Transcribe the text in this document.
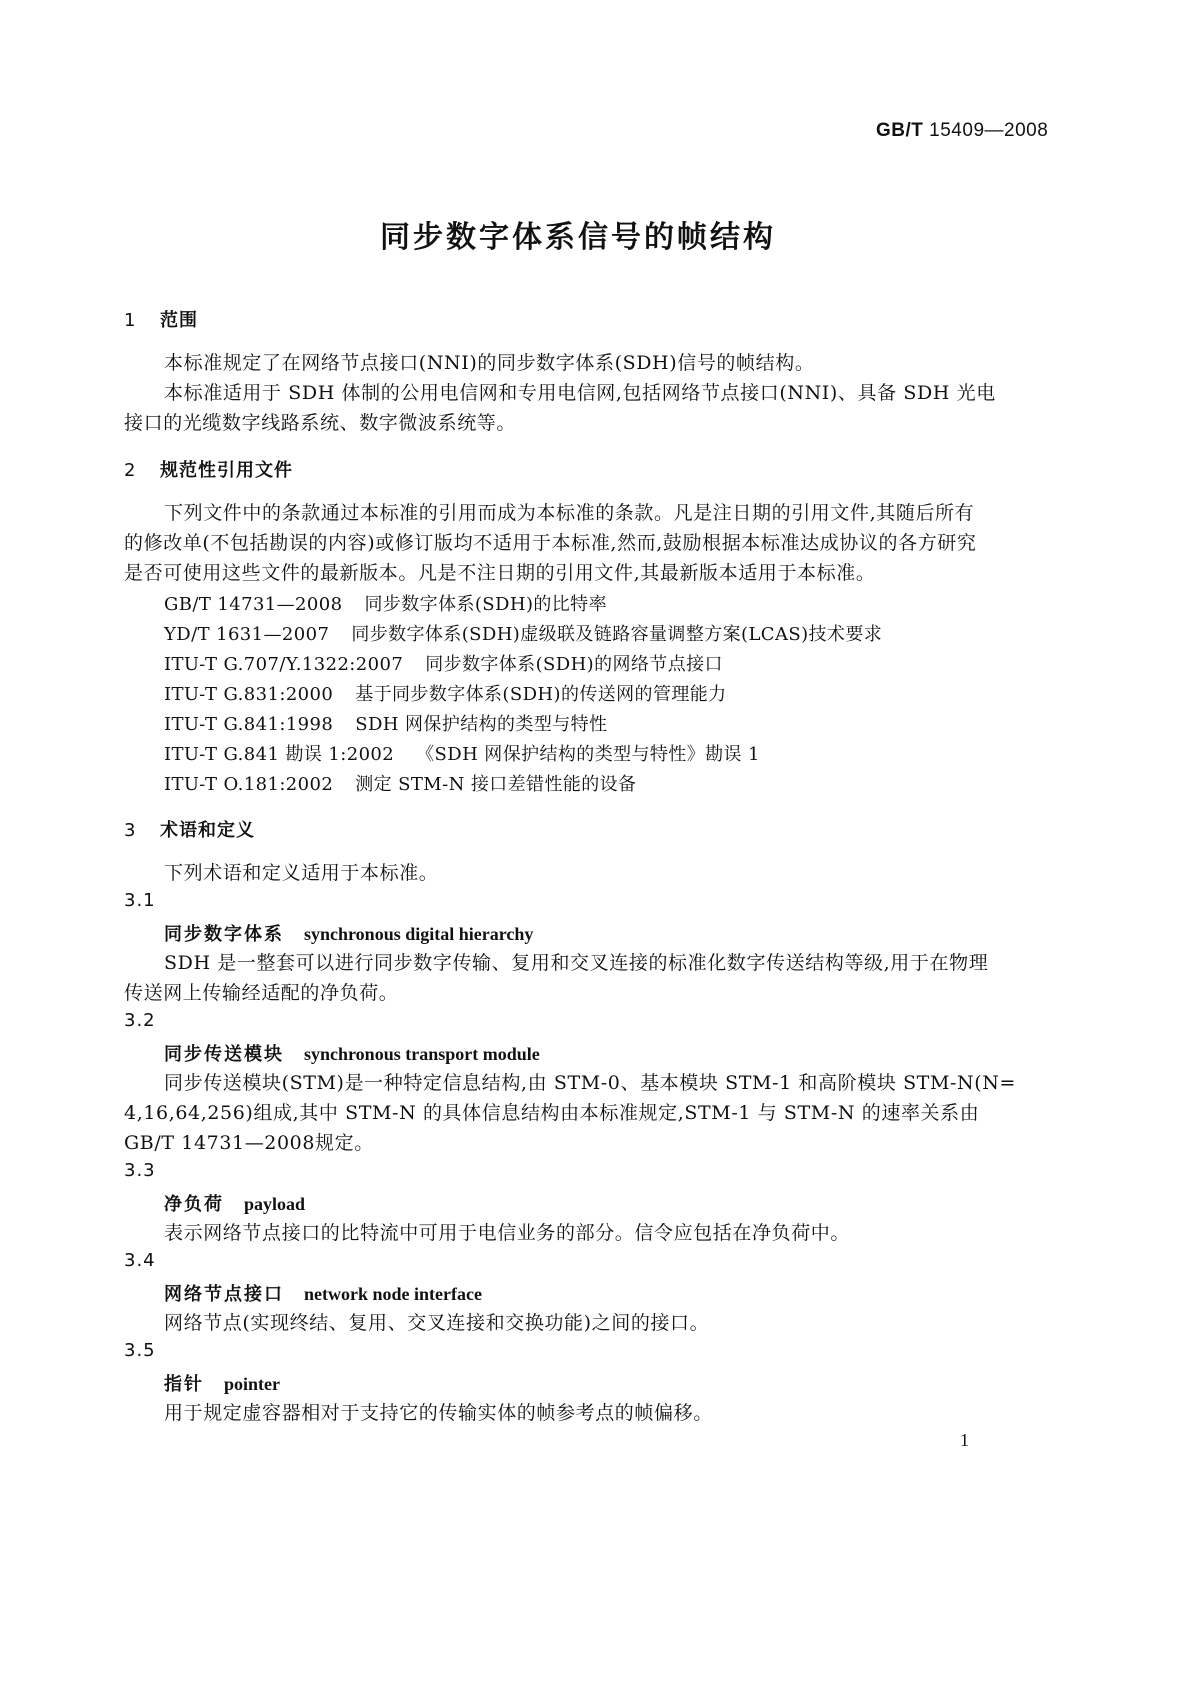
GB/T 15409—2008
同步数字体系信号的帧结构
1 范围
本标准规定了在网络节点接口(NNI)的同步数字体系(SDH)信号的帧结构。
本标准适用于 SDH 体制的公用电信网和专用电信网,包括网络节点接口(NNI)、具备 SDH 光电
接口的光缆数字线路系统、数字微波系统等。
2 规范性引用文件
下列文件中的条款通过本标准的引用而成为本标准的条款。凡是注日期的引用文件,其随后所有
的修改单(不包括勘误的内容)或修订版均不适用于本标准,然而,鼓励根据本标准达成协议的各方研究
是否可使用这些文件的最新版本。凡是不注日期的引用文件,其最新版本适用于本标准。
GB/T 14731—2008 同步数字体系(SDH)的比特率
YD/T 1631—2007 同步数字体系(SDH)虚级联及链路容量调整方案(LCAS)技术要求
ITU-T G.707/Y.1322:2007 同步数字体系(SDH)的网络节点接口
ITU-T G.831:2000 基于同步数字体系(SDH)的传送网的管理能力
ITU-T G.841:1998 SDH 网保护结构的类型与特性
ITU-T G.841 勘误 1:2002 《SDH 网保护结构的类型与特性》勘误 1
ITU-T O.181:2002 测定 STM-N 接口差错性能的设备
3 术语和定义
下列术语和定义适用于本标准。
3.1
同步数字体系 synchronous digital hierarchy
SDH 是一整套可以进行同步数字传输、复用和交叉连接的标准化数字传送结构等级,用于在物理
传送网上传输经适配的净负荷。
3.2
同步传送模块 synchronous transport module
同步传送模块(STM)是一种特定信息结构,由 STM-0、基本模块 STM-1 和高阶模块 STM-N(N=
4,16,64,256)组成,其中 STM-N 的具体信息结构由本标准规定,STM-1 与 STM-N 的速率关系由
GB/T 14731—2008规定。
3.3
净负荷 payload
表示网络节点接口的比特流中可用于电信业务的部分。信令应包括在净负荷中。
3.4
网络节点接口 network node interface
网络节点(实现终结、复用、交叉连接和交换功能)之间的接口。
3.5
指针 pointer
用于规定虚容器相对于支持它的传输实体的帧参考点的帧偏移。
1
